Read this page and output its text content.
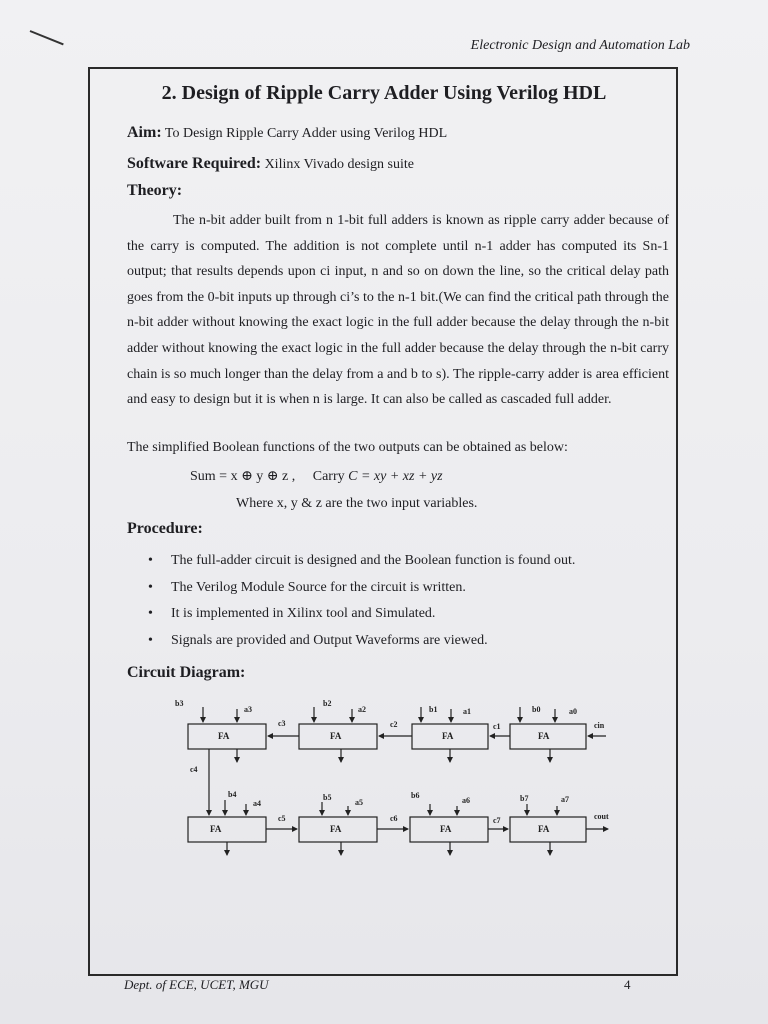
Electronic Design and Automation Lab
2. Design of Ripple Carry Adder Using Verilog HDL
Aim: To Design Ripple Carry Adder using Verilog HDL
Software Required: Xilinx Vivado design suite
Theory:

The n-bit adder built from n 1-bit full adders is known as ripple carry adder because of the carry is computed. The addition is not complete until n-1 adder has computed its Sn-1 output; that results depends upon ci input, n and so on down the line, so the critical delay path goes from the 0-bit inputs up through ci’s to the n-1 bit.(We can find the critical path through the n-bit adder without knowing the exact logic in the full adder because the delay through the n-bit adder without knowing the exact logic in the full adder because the delay through the n-bit carry chain is so much longer than the delay from a and b to s). The ripple-carry adder is area efficient and easy to design but it is when n is large. It can also be called as cascaded full adder.

The simplified Boolean functions of the two outputs can be obtained as below:
Sum = x ⊕ y ⊕ z , Carry C = xy + xz + yz
Where x, y & z are the two input variables.
Procedure:
• The full-adder circuit is designed and the Boolean function is found out.
• The Verilog Module Source for the circuit is written.
• It is implemented in Xilinx tool and Simulated.
• Signals are provided and Output Waveforms are viewed.
Circuit Diagram:
FA	FA	FA	FA
FA	FA	FA	FA
b3
a3
b2
a2	b1	a1	b0	a0
c3	c2	c1	cin
c4
b4
a4
b5
a5
b6
a6	b7	a7
c5	c6	c7	cout
Dept. of ECE, UCET, MGU	4
